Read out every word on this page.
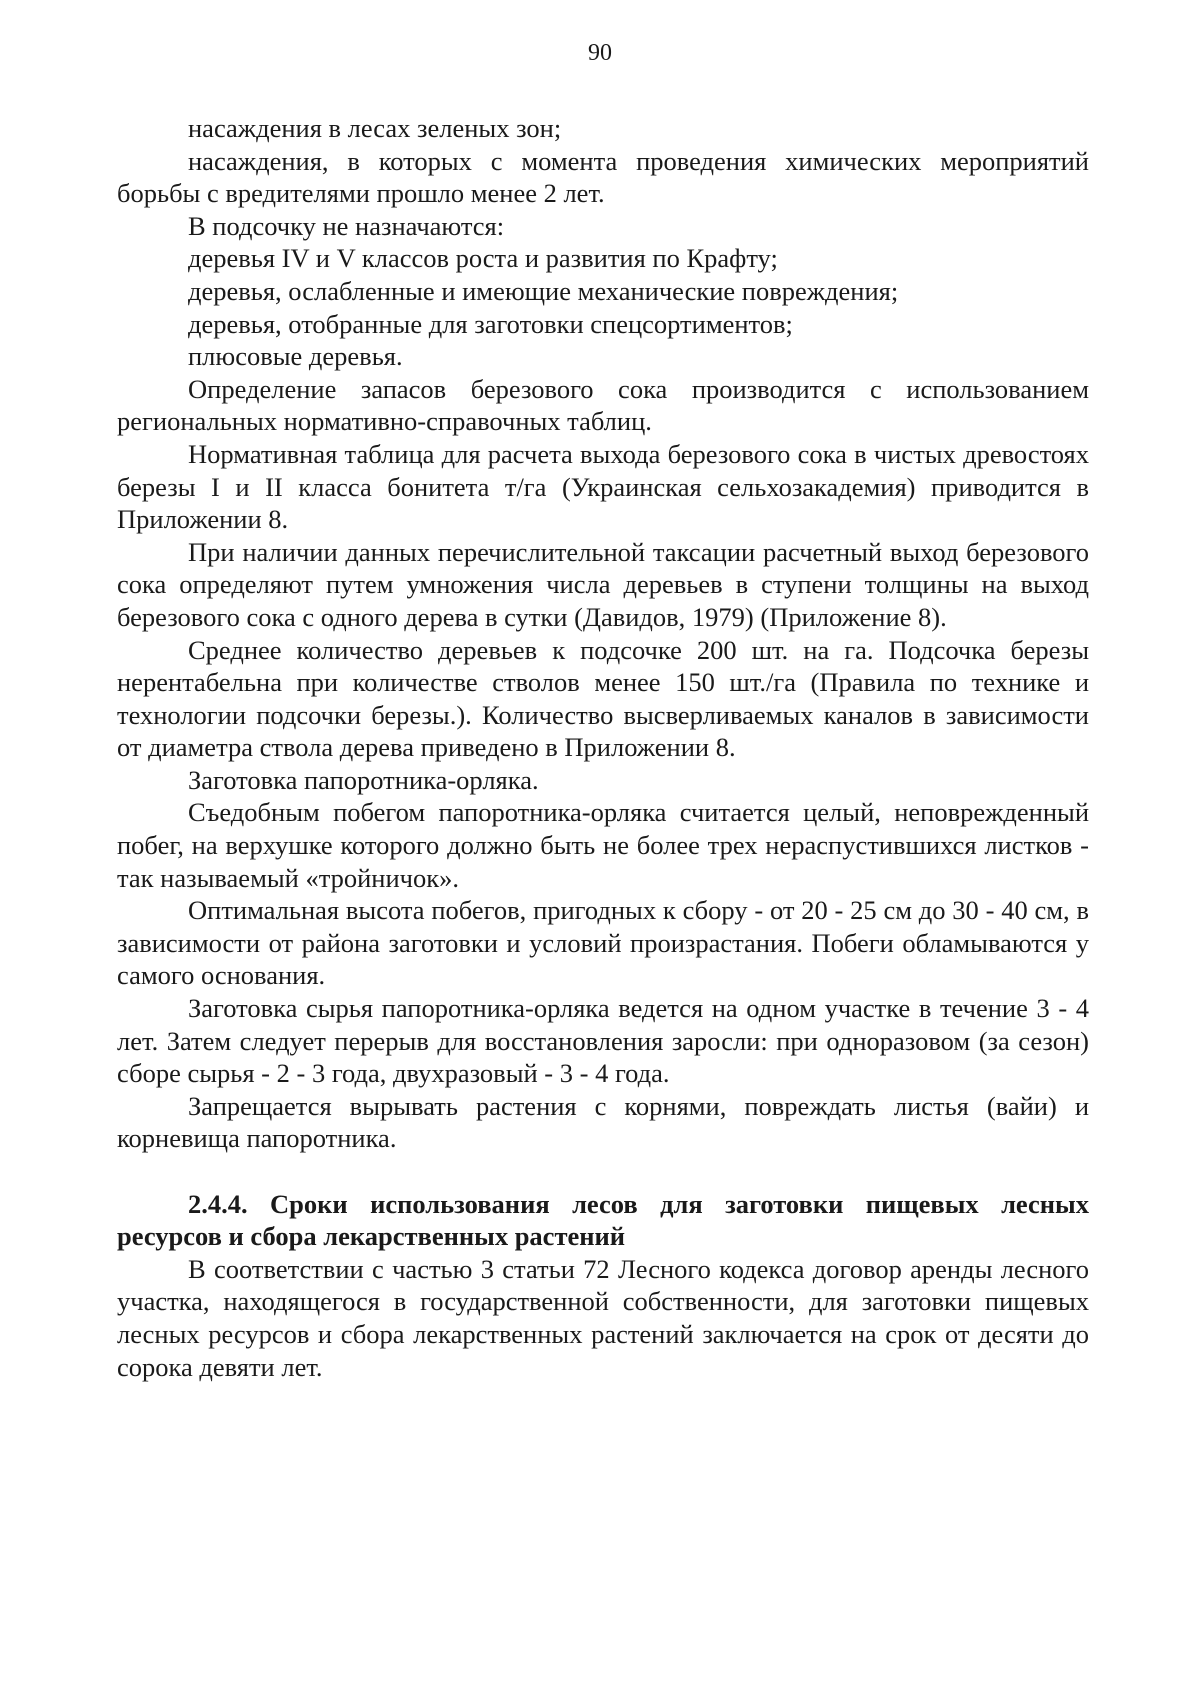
90

насаждения в лесах зеленых зон;

насаждения, в которых с момента проведения химических мероприятий борьбы с вредителями прошло менее 2 лет.

В подсочку не назначаются:

деревья IV и V классов роста и развития по Крафту;

деревья, ослабленные и имеющие механические повреждения;

деревья, отобранные для заготовки спецсортиментов;

плюсовые деревья.

Определение запасов березового сока производится с использованием региональных нормативно-справочных таблиц.

Нормативная таблица для расчета выхода березового сока в чистых древостоях березы I и II класса бонитета т/га (Украинская сельхозакадемия) приводится в Приложении 8.

При наличии данных перечислительной таксации расчетный выход березового сока определяют путем умножения числа деревьев в ступени толщины на выход березового сока с одного дерева в сутки (Давидов, 1979) (Приложение 8).

Среднее количество деревьев к подсочке 200 шт. на га. Подсочка березы нерентабельна при количестве стволов менее 150 шт./га (Правила по технике и технологии подсочки березы.). Количество высверливаемых каналов в зависимости от диаметра ствола дерева приведено в Приложении 8.

Заготовка папоротника-орляка.

Съедобным побегом папоротника-орляка считается целый, неповрежденный побег, на верхушке которого должно быть не более трех нераспустившихся листков - так называемый «тройничок».

Оптимальная высота побегов, пригодных к сбору - от 20 - 25 см до 30 - 40 см, в зависимости от района заготовки и условий произрастания. Побеги обламываются у самого основания.

Заготовка сырья папоротника-орляка ведется на одном участке в течение 3 - 4 лет. Затем следует перерыв для восстановления заросли: при одноразовом (за сезон) сборе сырья - 2 - 3 года, двухразовый - 3 - 4 года.

Запрещается вырывать растения с корнями, повреждать листья (вайи) и корневища папоротника.

2.4.4. Сроки использования лесов для заготовки пищевых лесных ресурсов и сбора лекарственных растений

В соответствии с частью 3 статьи 72 Лесного кодекса договор аренды лесного участка, находящегося в государственной собственности, для заготовки пищевых лесных ресурсов и сбора лекарственных растений заключается на срок от десяти до сорока девяти лет.
